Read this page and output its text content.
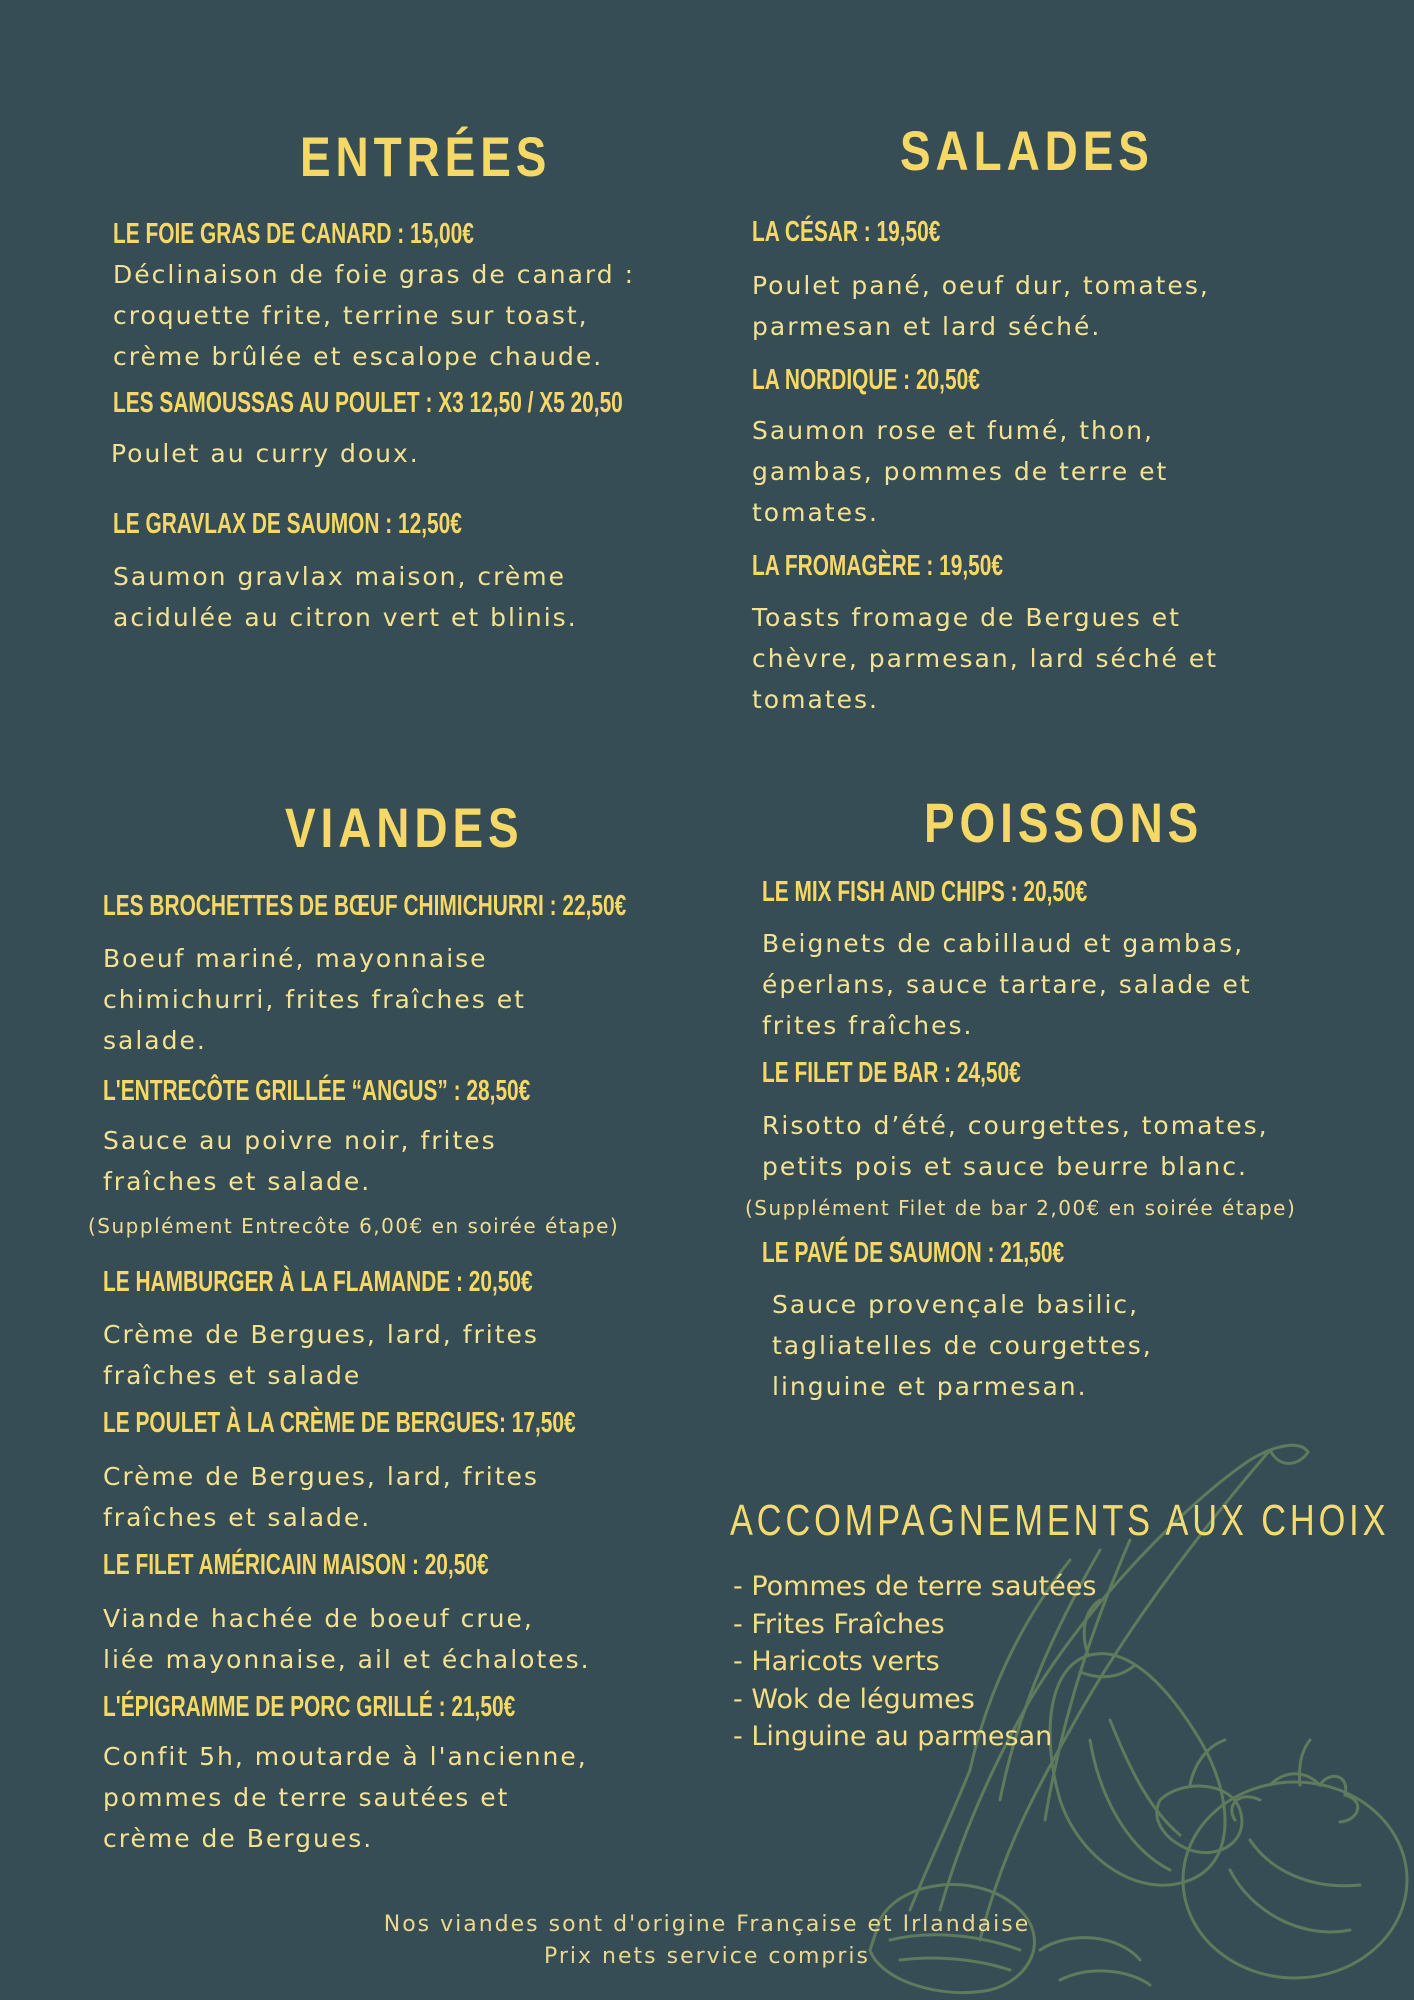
ENTRÉES
LE FOIE GRAS DE CANARD : 15,00€

Déclinaison de foie gras de canard :
croquette frite, terrine sur toast,
crème brûlée et escalope chaude.

LES SAMOUSSAS AU POULET : X3 12,50 / X5 20,50

Poulet au curry doux.

LE GRAVLAX DE SAUMON : 12,50€

Saumon gravlax maison, crème
acidulée au citron vert et blinis.

SALADES
LA CÉSAR : 19,50€

Poulet pané, oeuf dur, tomates,
parmesan et lard séché.

LA NORDIQUE : 20,50€

Saumon rose et fumé, thon,
gambas, pommes de terre et
tomates.

LA FROMAGÈRE : 19,50€

Toasts fromage de Bergues et
chèvre, parmesan, lard séché et
tomates.

VIANDES
LES BROCHETTES DE BŒUF CHIMICHURRI : 22,50€

Boeuf mariné, mayonnaise
chimichurri, frites fraîches et
salade.

L'ENTRECÔTE GRILLÉE “ANGUS” : 28,50€

Sauce au poivre noir, frites
fraîches et salade.

(Supplément Entrecôte 6,00€ en soirée étape)

LE HAMBURGER À LA FLAMANDE : 20,50€

Crème de Bergues, lard, frites
fraîches et salade

LE POULET À LA CRÈME DE BERGUES: 17,50€

Crème de Bergues, lard, frites
fraîches et salade.

LE FILET AMÉRICAIN MAISON : 20,50€

Viande hachée de boeuf crue,
liée mayonnaise, ail et échalotes.

L'ÉPIGRAMME DE PORC GRILLÉ : 21,50€

Confit 5h, moutarde à l'ancienne,
pommes de terre sautées et
crème de Bergues.

POISSONS
LE MIX FISH AND CHIPS : 20,50€

Beignets de cabillaud et gambas,
éperlans, sauce tartare, salade et
frites fraîches.

LE FILET DE BAR : 24,50€

Risotto d’été, courgettes, tomates,
petits pois et sauce beurre blanc.

(Supplément Filet de bar 2,00€ en soirée étape)

LE PAVÉ DE SAUMON : 21,50€

Sauce provençale basilic,
tagliatelles de courgettes,
linguine et parmesan.

ACCOMPAGNEMENTS AUX CHOIX
- Pommes de terre sautées
- Frites Fraîches
- Haricots verts
- Wok de légumes
- Linguine au parmesan

Nos viandes sont d'origine Française et Irlandaise

Prix nets service compris
